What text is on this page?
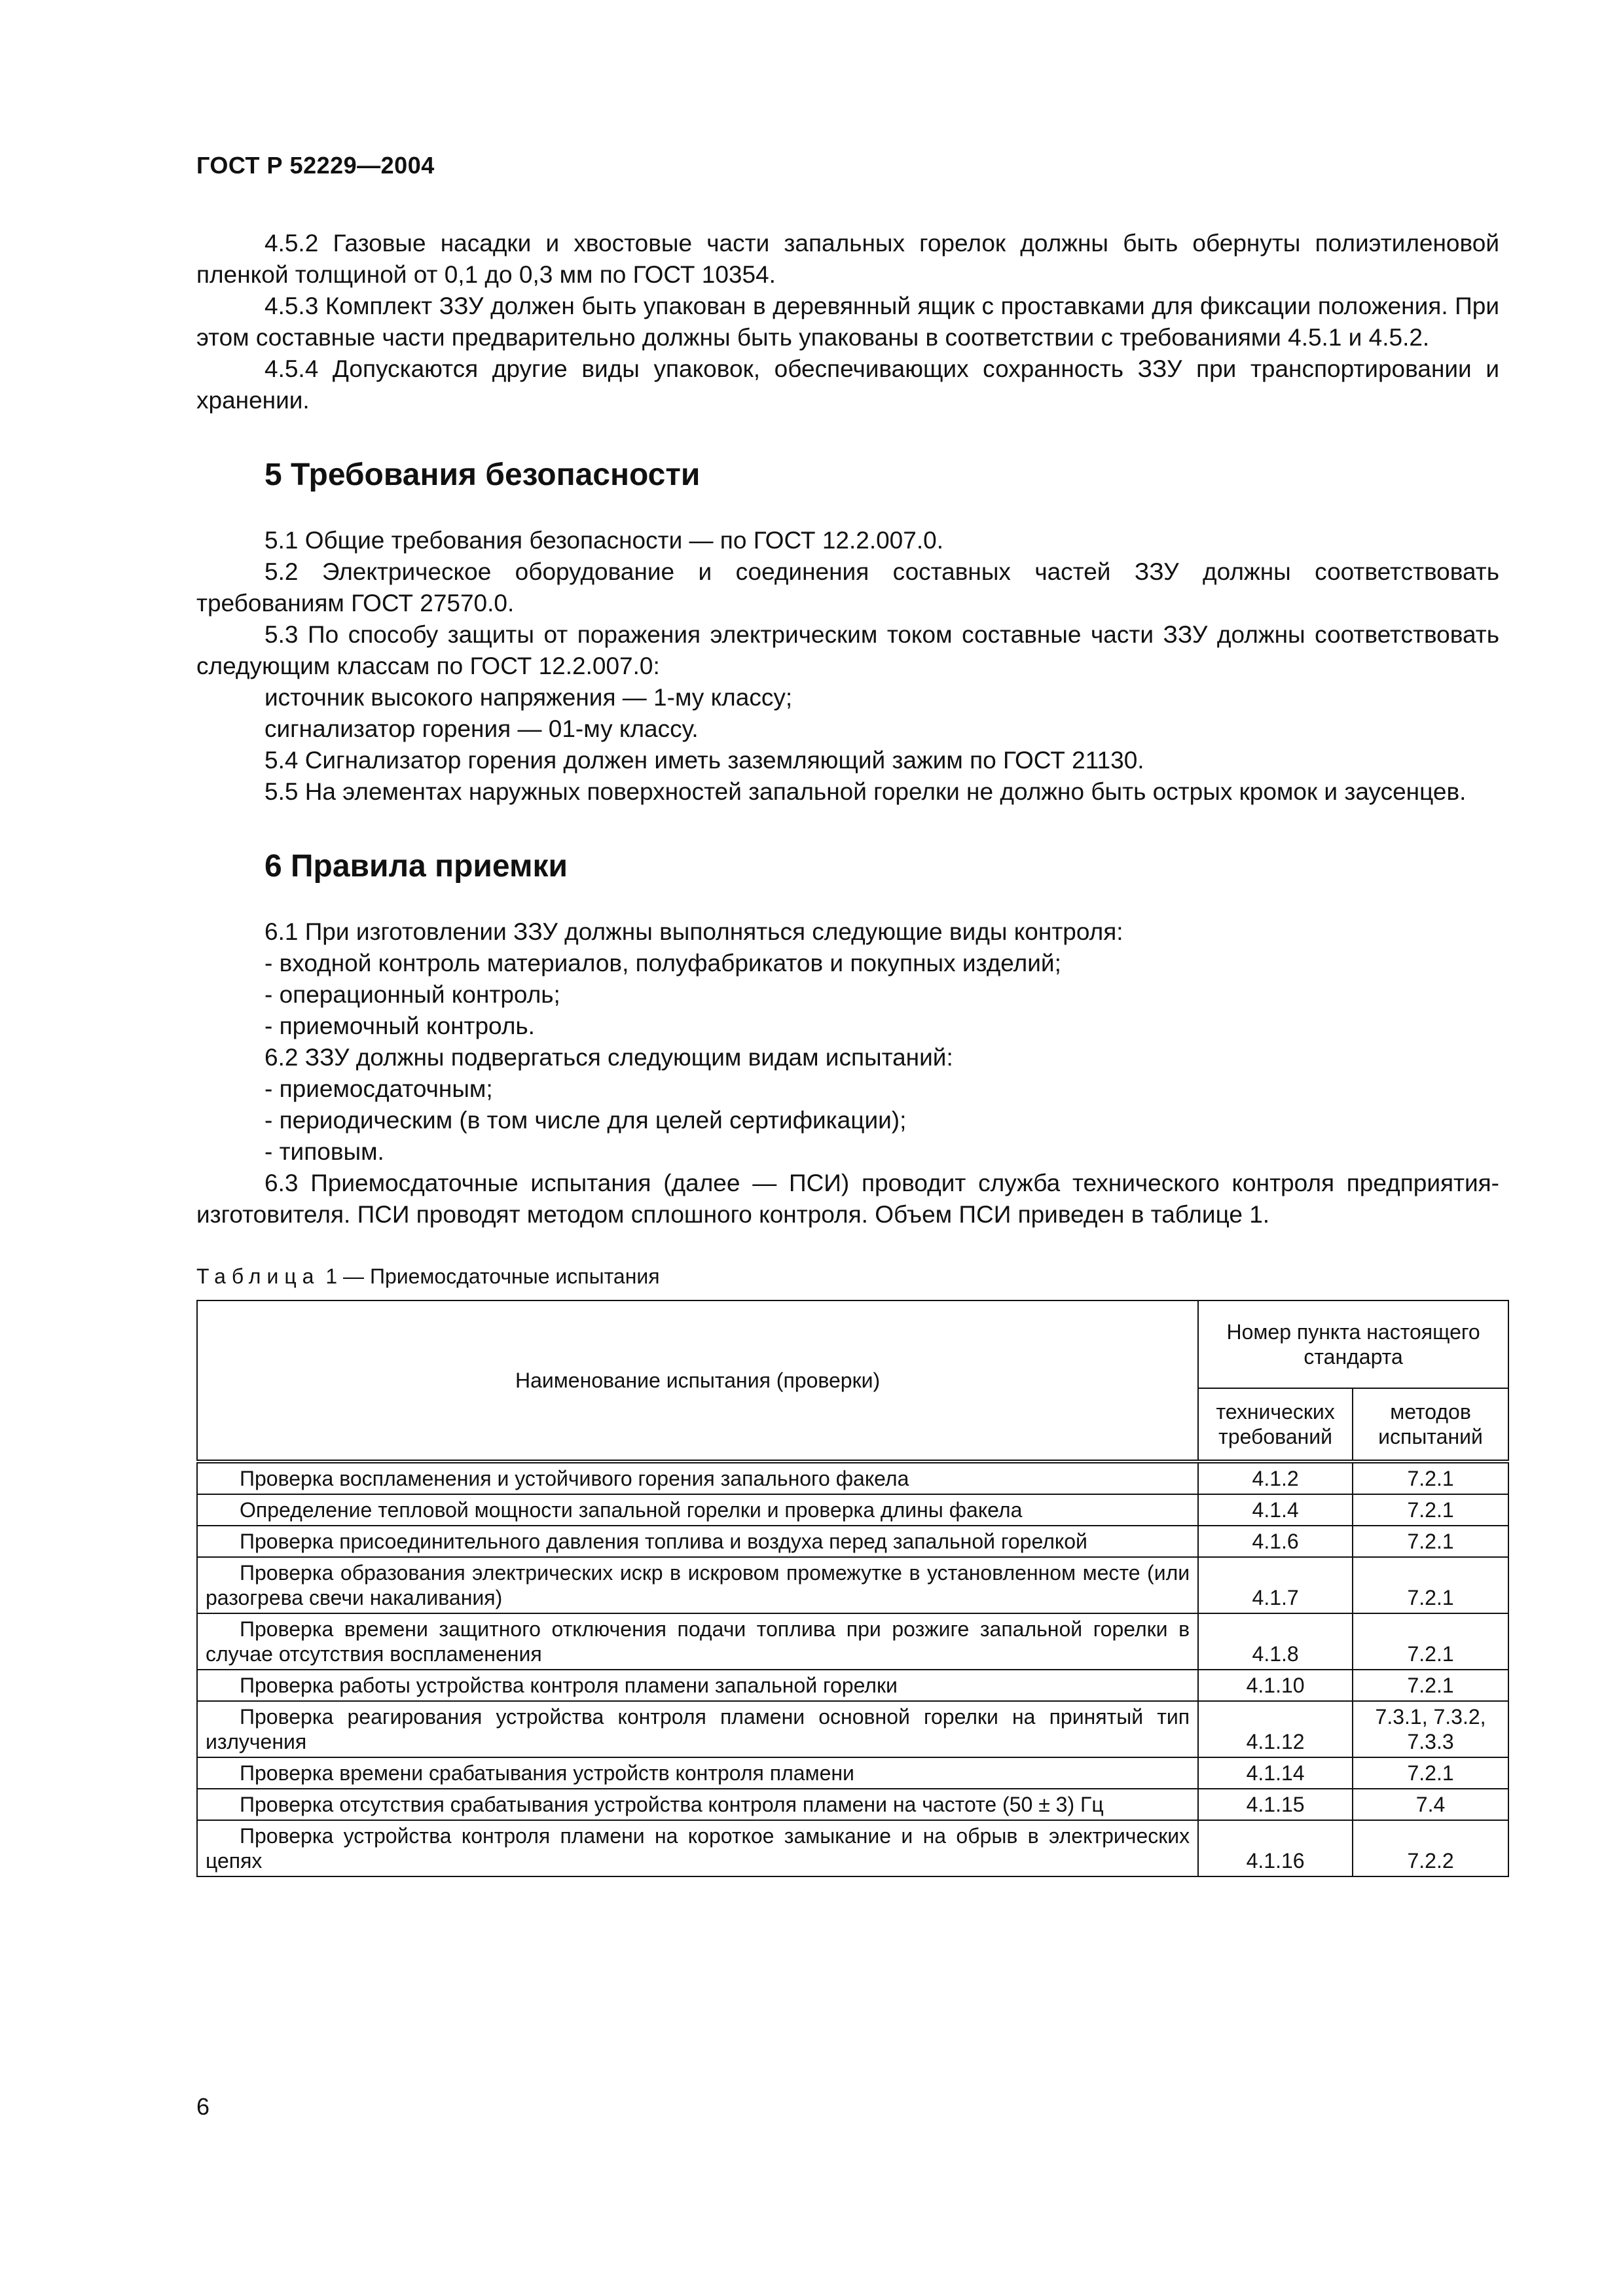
ГОСТ Р 52229—2004

4.5.2 Газовые насадки и хвостовые части запальных горелок должны быть обернуты полиэтиленовой пленкой толщиной от 0,1 до 0,3 мм по ГОСТ 10354.

4.5.3 Комплект ЗЗУ должен быть упакован в деревянный ящик с проставками для фиксации положения. При этом составные части предварительно должны быть упакованы в соответствии с требованиями 4.5.1 и 4.5.2.

4.5.4 Допускаются другие виды упаковок, обеспечивающих сохранность ЗЗУ при транспортировании и хранении.

5 Требования безопасности

5.1 Общие требования безопасности — по ГОСТ 12.2.007.0.

5.2 Электрическое оборудование и соединения составных частей ЗЗУ должны соответствовать требованиям ГОСТ 27570.0.

5.3 По способу защиты от поражения электрическим током составные части ЗЗУ должны соответствовать следующим классам по ГОСТ 12.2.007.0:

источник высокого напряжения — 1-му классу;

сигнализатор горения — 01-му классу.

5.4 Сигнализатор горения должен иметь заземляющий зажим по ГОСТ 21130.

5.5 На элементах наружных поверхностей запальной горелки не должно быть острых кромок и заусенцев.

6 Правила приемки

6.1 При изготовлении ЗЗУ должны выполняться следующие виды контроля:

- входной контроль материалов, полуфабрикатов и покупных изделий;

- операционный контроль;

- приемочный контроль.

6.2 ЗЗУ должны подвергаться следующим видам испытаний:

- приемосдаточным;

- периодическим (в том числе для целей сертификации);

- типовым.

6.3 Приемосдаточные испытания (далее — ПСИ) проводит служба технического контроля предприятия-изготовителя. ПСИ проводят методом сплошного контроля. Объем ПСИ приведен в таблице 1.

Таблица 1 — Приемосдаточные испытания

Наименование испытания (проверки)	Номер пункта настоящего стандарта	
	технических требований	методов испытаний
Проверка воспламенения и устойчивого горения запального факела	4.1.2	7.2.1
Определение тепловой мощности запальной горелки и проверка длины факела	4.1.4	7.2.1
Проверка присоединительного давления топлива и воздуха перед запальной горелкой	4.1.6	7.2.1
Проверка образования электрических искр в искровом промежутке в установленном месте (или разогрева свечи накаливания)	4.1.7	7.2.1
Проверка времени защитного отключения подачи топлива при розжиге запальной горелки в случае отсутствия воспламенения	4.1.8	7.2.1
Проверка работы устройства контроля пламени запальной горелки	4.1.10	7.2.1
Проверка реагирования устройства контроля пламени основной горелки на принятый тип излучения	4.1.12	7.3.1, 7.3.2, 7.3.3
Проверка времени срабатывания устройств контроля пламени	4.1.14	7.2.1
Проверка отсутствия срабатывания устройства контроля пламени на частоте (50 ± 3) Гц	4.1.15	7.4
Проверка устройства контроля пламени на короткое замыкание и на обрыв в электрических цепях	4.1.16	7.2.2
6
